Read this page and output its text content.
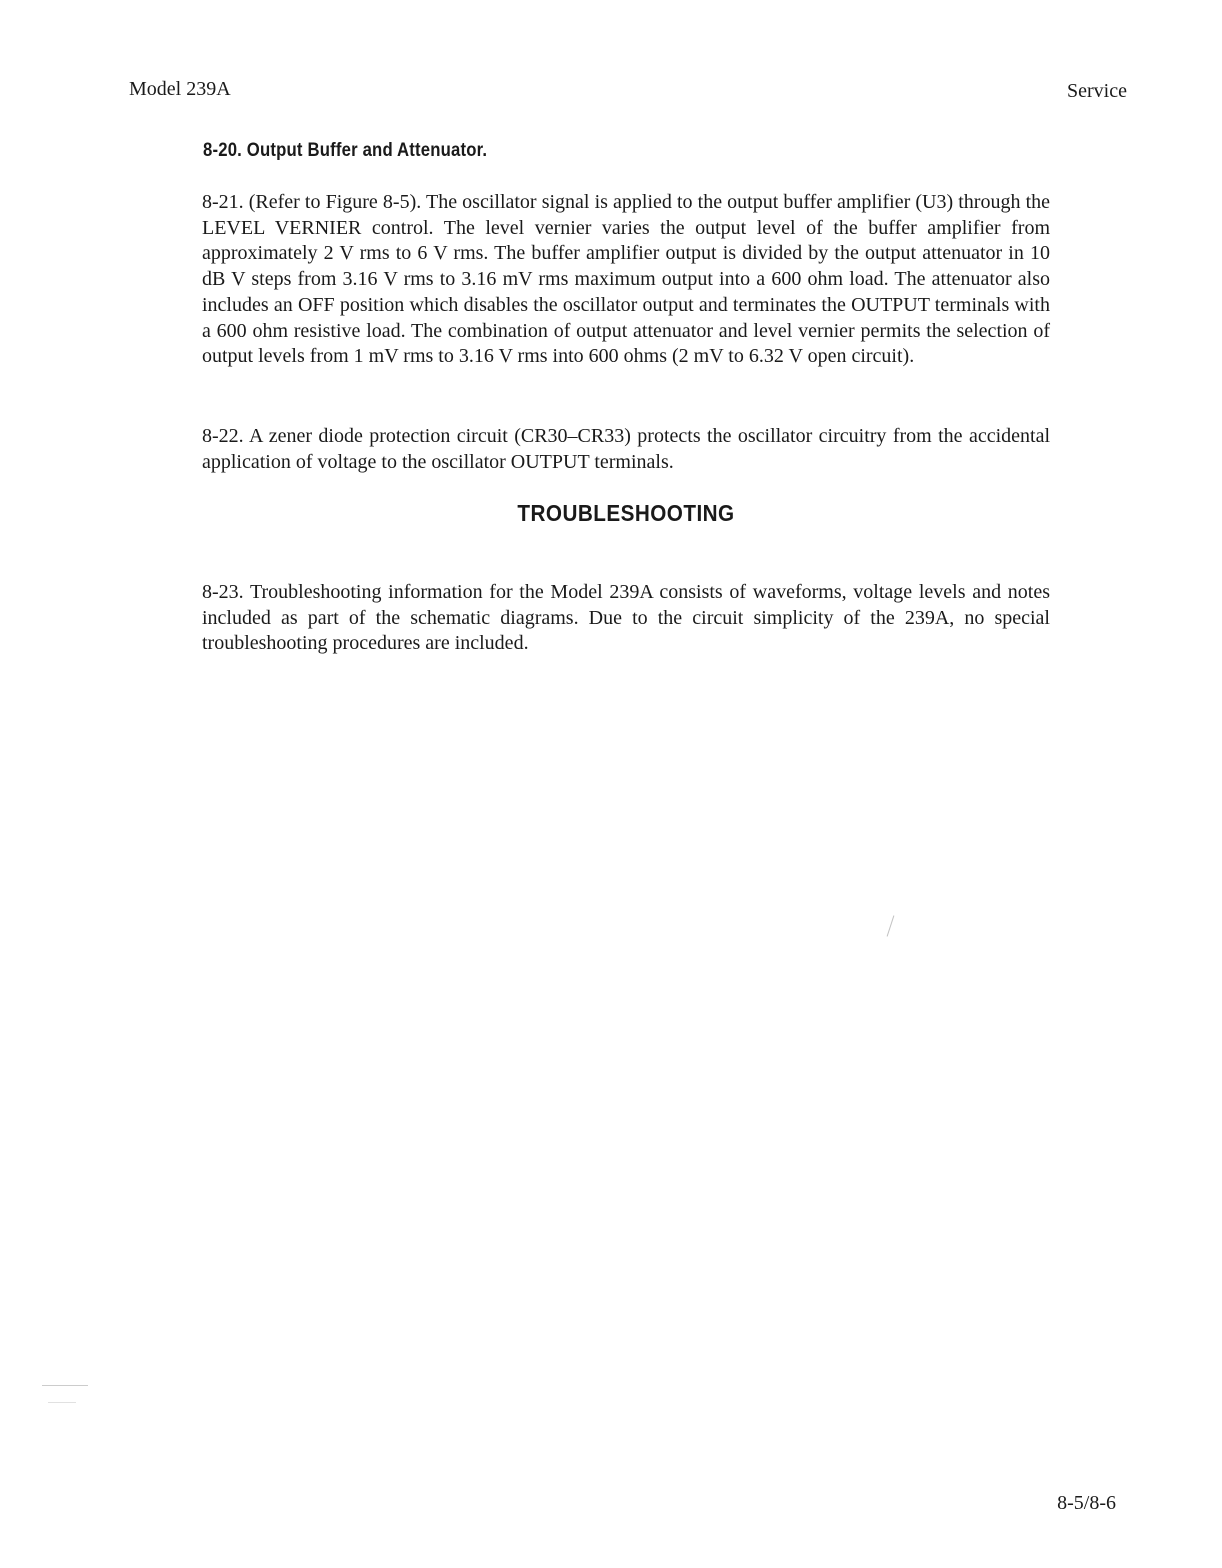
Model 239A	Service
8-20. Output Buffer and Attenuator.

8-21. (Refer to Figure 8-5). The oscillator signal is applied to the output buffer amplifier (U3) through the LEVEL VERNIER control. The level vernier varies the output level of the buffer amplifier from approximately 2 V rms to 6 V rms. The buffer amplifier output is divided by the output attenuator in 10 dB V steps from 3.16 V rms to 3.16 mV rms maximum output into a 600 ohm load. The attenuator also includes an OFF position which disables the oscillator output and terminates the OUTPUT terminals with a 600 ohm resistive load. The combination of output attenuator and level vernier permits the selection of output levels from 1 mV rms to 3.16 V rms into 600 ohms (2 mV to 6.32 V open circuit).

8-22. A zener diode protection circuit (CR30–CR33) protects the oscillator circuitry from the accidental application of voltage to the oscillator OUTPUT terminals.

TROUBLESHOOTING

8-23. Troubleshooting information for the Model 239A consists of waveforms, voltage levels and notes included as part of the schematic diagrams. Due to the circuit simplicity of the 239A, no special troubleshooting procedures are included.

8-5/8-6
